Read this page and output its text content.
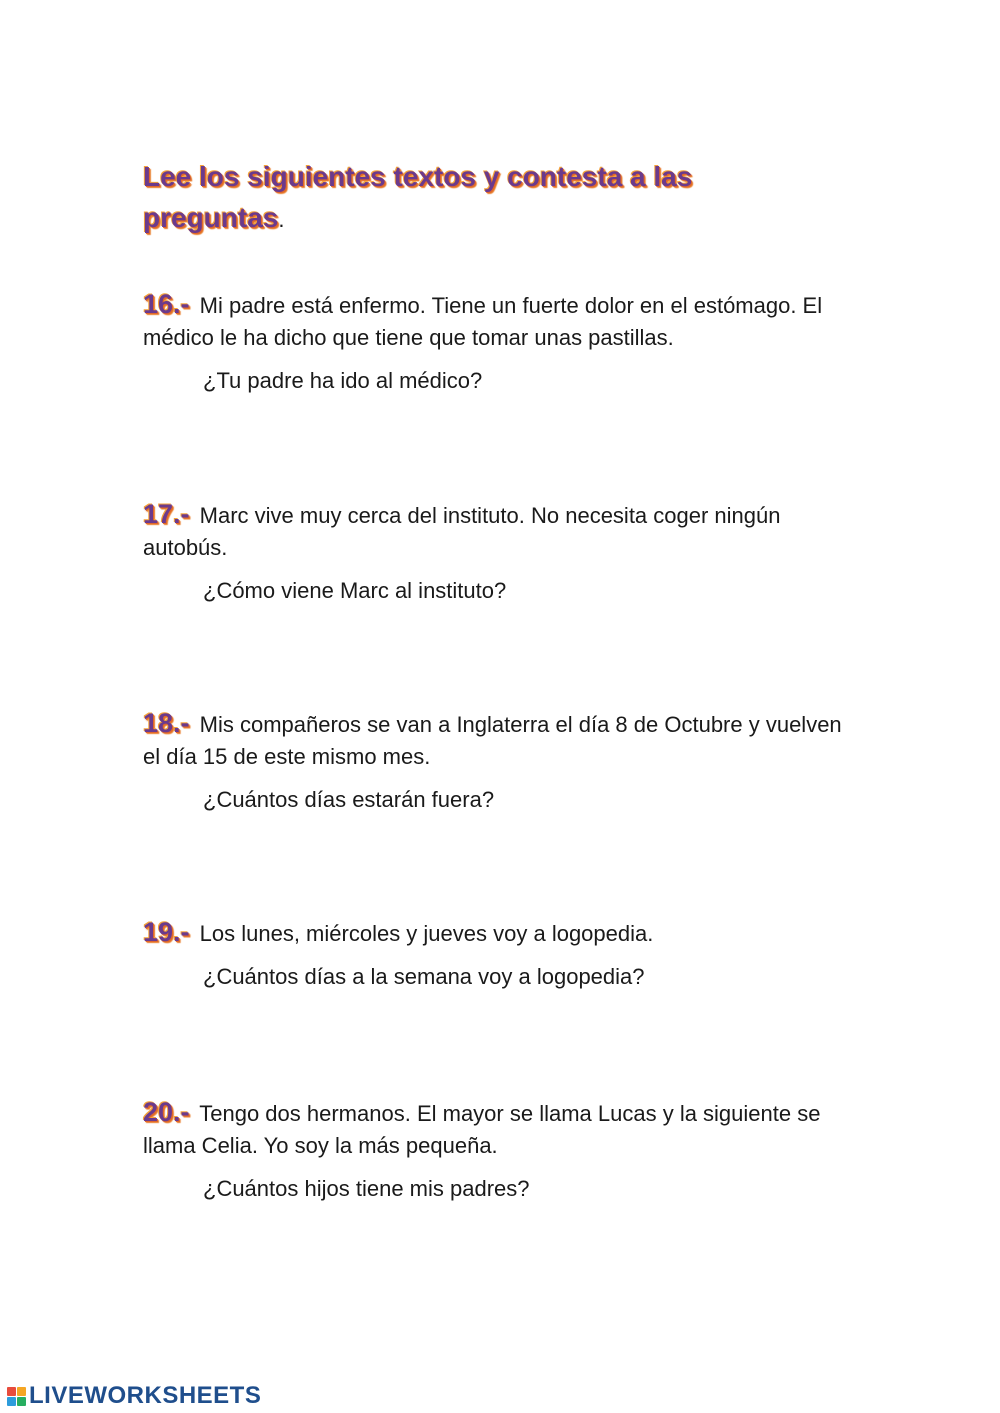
Lee los siguientes textos y contesta a las preguntas.

16.- Mi padre está enfermo. Tiene un fuerte dolor en el estómago. El médico le ha dicho que tiene que tomar unas pastillas.

¿Tu padre ha ido al médico?

17.- Marc vive muy cerca del instituto. No necesita coger ningún autobús.

¿Cómo viene Marc al instituto?

18.- Mis compañeros se van a Inglaterra el día 8 de Octubre y vuelven el día 15 de este mismo mes.

¿Cuántos días estarán fuera?

19.- Los lunes, miércoles y jueves voy a logopedia.

¿Cuántos días a la semana voy a logopedia?

20.- Tengo dos hermanos. El mayor se llama Lucas y la siguiente se llama Celia. Yo soy la más pequeña.

¿Cuántos hijos tiene mis padres?

LIVEWORKSHEETS
